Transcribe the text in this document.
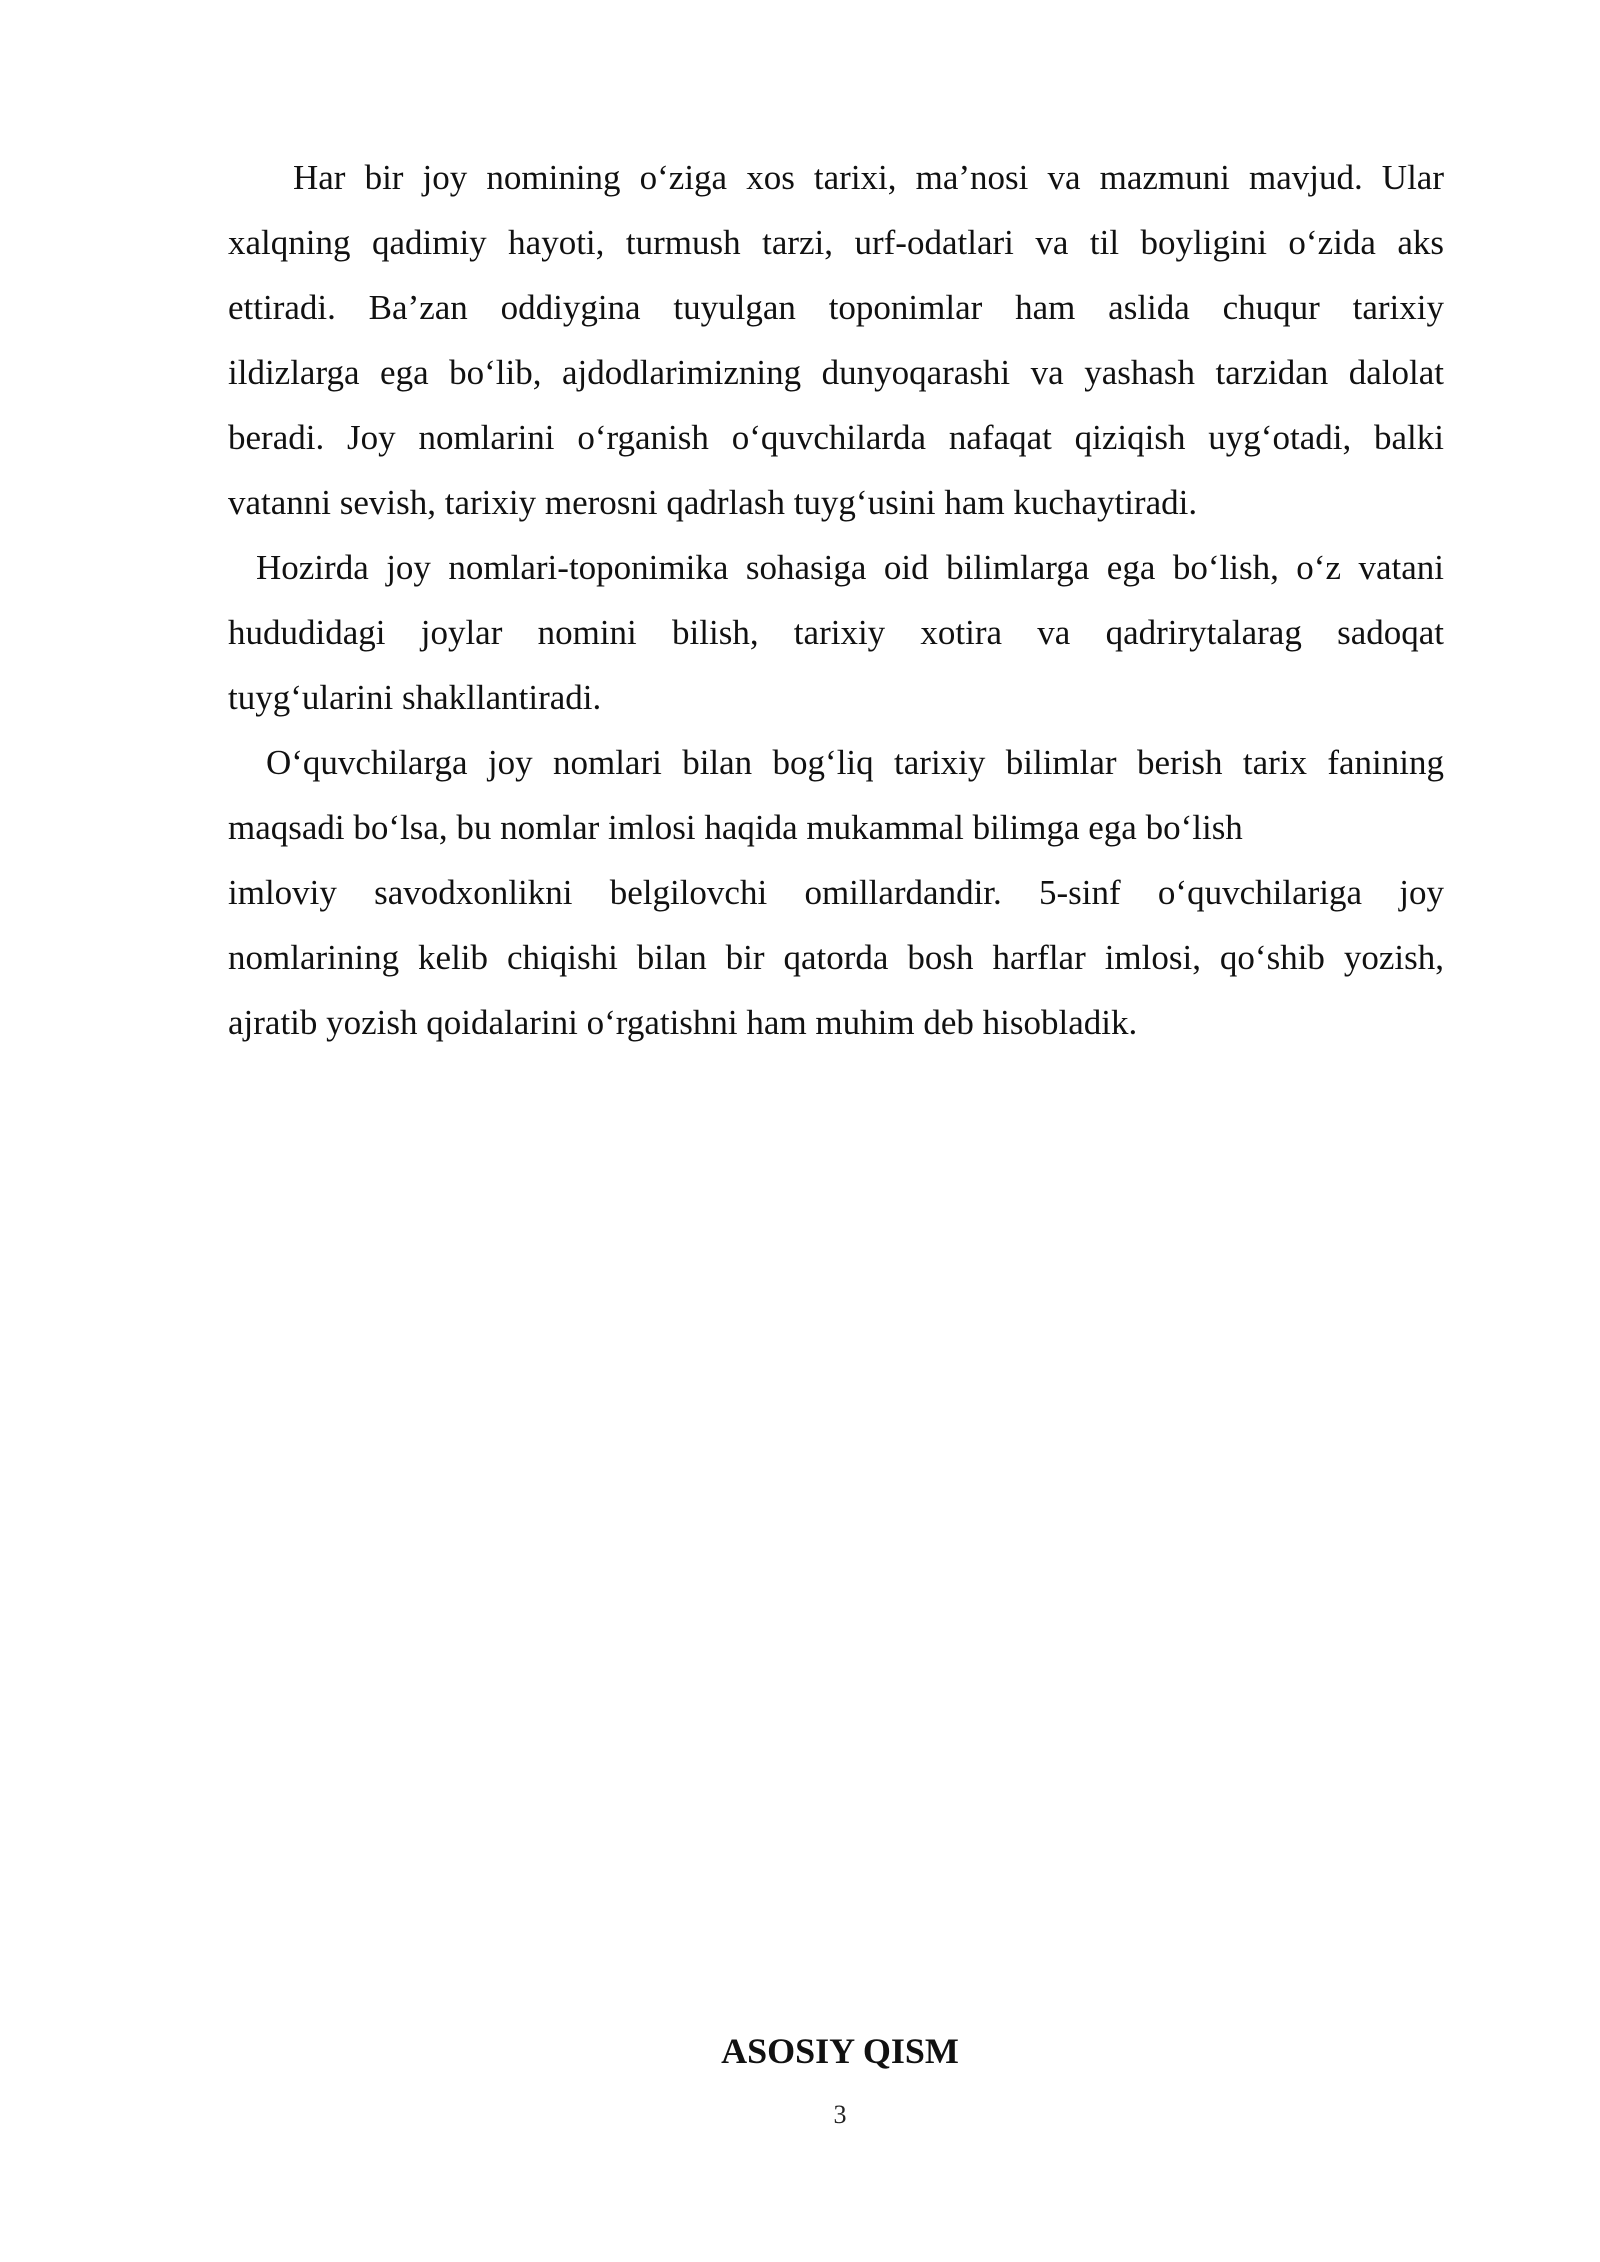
Har bir joy nomining o‘ziga xos tarixi, ma’nosi va mazmuni mavjud. Ular
xalqning qadimiy hayoti, turmush tarzi, urf-odatlari va til boyligini o‘zida aks
ettiradi. Ba’zan oddiygina tuyulgan toponimlar ham aslida chuqur tarixiy
ildizlarga ega bo‘lib, ajdodlarimizning dunyoqarashi va yashash tarzidan dalolat
beradi. Joy nomlarini o‘rganish o‘quvchilarda nafaqat qiziqish uyg‘otadi, balki
vatanni sevish, tarixiy merosni qadrlash tuyg‘usini ham kuchaytiradi.

Hozirda joy nomlari-toponimika sohasiga oid bilimlarga ega bo‘lish, o‘z vatani
hududidagi joylar nomini bilish, tarixiy xotira va qadrirytalarag sadoqat
tuyg‘ularini shakllantiradi.

O‘quvchilarga joy nomlari bilan bog‘liq tarixiy bilimlar berish tarix fanining
maqsadi bo‘lsa, bu nomlar imlosi haqida mukammal bilimga ega bo‘lish
imloviy savodxonlikni belgilovchi omillardandir. 5-sinf o‘quvchilariga joy
nomlarining kelib chiqishi bilan bir qatorda bosh harflar imlosi, qo‘shib yozish,
ajratib yozish qoidalarini o‘rgatishni ham muhim deb hisobladik.

ASOSIY QISM
3
